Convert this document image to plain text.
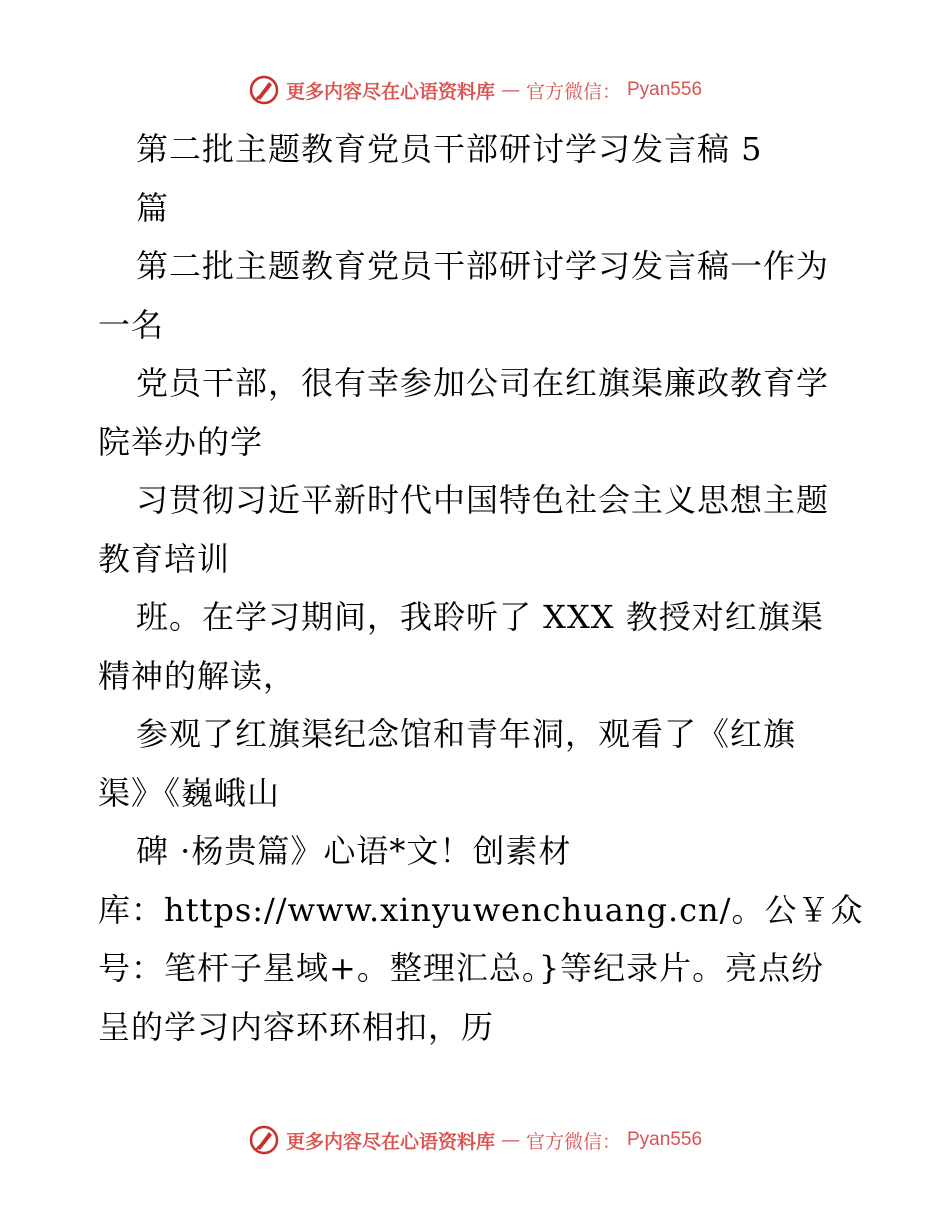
更多内容尽在心语资料库 — 官方微信： Pyan556
第二批主题教育党员干部研讨学习发言稿 5
篇
第二批主题教育党员干部研讨学习发言稿一作为
一名
党员干部，很有幸参加公司在红旗渠廉政教育学
院举办的学
习贯彻习近平新时代中国特色社会主义思想主题
教育培训
班。在学习期间，我聆听了 XXX 教授对红旗渠
精神的解读，
参观了红旗渠纪念馆和青年洞，观看了《红旗
渠》《巍峨山
碑 ·杨贵篇》心语*文！创素材
库：https://www.xinyuwenchuang.cn/。公￥众
号：笔杆子星域+。整理汇总。}等纪录片。亮点纷
呈的学习内容环环相扣，历
更多内容尽在心语资料库 — 官方微信： Pyan556
